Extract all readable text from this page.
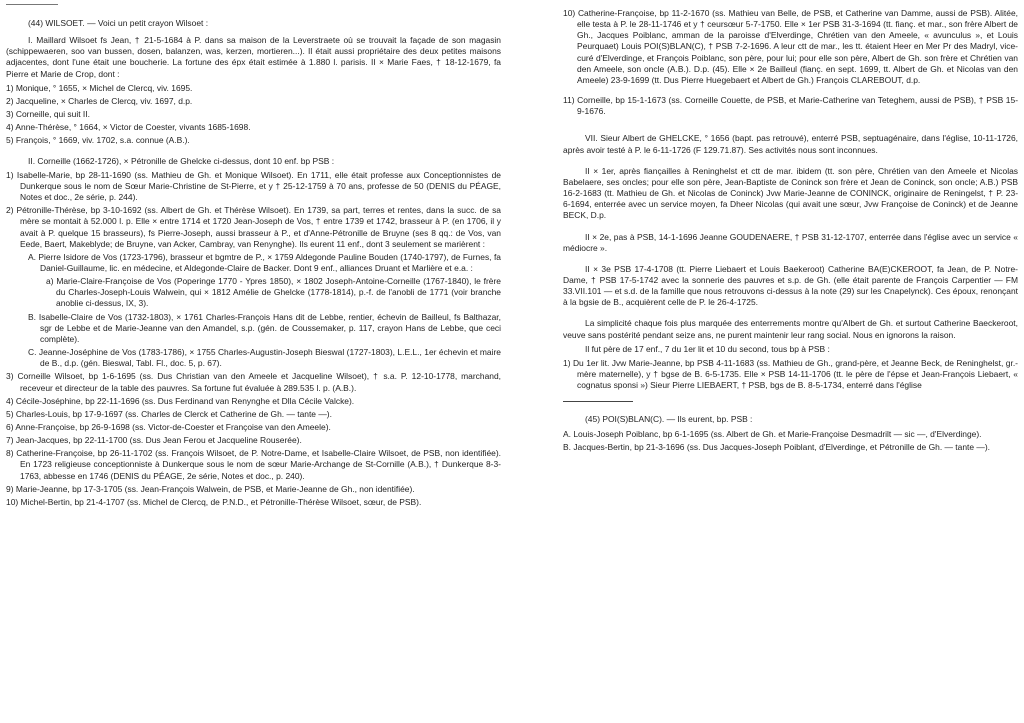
(44) WILSOET. — Voici un petit crayon Wilsoet :

I. Maillard Wilsoet fs Jean, † 21-5-1684 à P. dans sa maison de la Leverstraete où se trouvait la façade de son magasin (schippewaeren, soo van bussen, dosen, balanzen, was, kerzen, mortieren...). Il était aussi propriétaire des deux petites maisons adjacentes, dont l'une était une boucherie. La fortune des épx était estimée à 1.880 l. parisis. II × Marie Faes, † 18-12-1679, fa Pierre et Marie de Crop, dont :

1) Monique, ° 1655, × Michel de Clercq, viv. 1695.

2) Jacqueline, × Charles de Clercq, viv. 1697, d.p.

3) Corneille, qui suit II.

4) Anne-Thérèse, ° 1664, × Victor de Coester, vivants 1685-1698.

5) François, ° 1669, viv. 1702, s.a. connue (A.B.).

II. Corneille (1662-1726), × Pétronille de Ghelcke ci-dessus, dont 10 enf. bp PSB :

1) Isabelle-Marie, bp 28-11-1690 (ss. Mathieu de Gh. et Monique Wilsoet). En 1711, elle était professe aux Conceptionnistes de Dunkerque sous le nom de Sœur Marie-Christine de St-Pierre, et y † 25-12-1759 à 70 ans, professe de 50 (DENIS du PÉAGE, Notes et doc., 2e série, p. 244).

2) Pétronille-Thérèse, bp 3-10-1692 (ss. Albert de Gh. et Thérèse Wilsoet). En 1739, sa part, terres et rentes, dans la succ. de sa mère se montait à 52.000 l. p. Elle × entre 1714 et 1720 Jean-Joseph de Vos, † entre 1739 et 1742, brasseur à P. (en 1706, il y avait à P. quelque 15 brasseurs), fs Pierre-Joseph, aussi brasseur à P., et d'Anne-Pétronille de Bruyne (ses 8 qq.: de Vos, van Eede, Baert, Makeblyde; de Bruyne, van Acker, Cambray, van Renynghe). Ils eurent 11 enf., dont 3 seulement se marièrent :

A. Pierre Isidore de Vos (1723-1796), brasseur et bgmtre de P., × 1759 Aldegonde Pauline Bouden (1740-1797), de Furnes, fa Daniel-Guillaume, lic. en médecine, et Aldegonde-Claire de Backer. Dont 9 enf., alliances Druant et Marlière et e.a. :

a) Marie-Claire-Françoise de Vos (Poperinge 1770 - Ypres 1850), × 1802 Joseph-Antoine-Corneille (1767-1840), le frère du Charles-Joseph-Louis Walwein, qui × 1812 Amélie de Ghelcke (1778-1814), p.-f. de l'anobli de 1771 (voir branche anoblie ci-dessus, IX, 3).

B. Isabelle-Claire de Vos (1732-1803), × 1761 Charles-François Hans dit de Lebbe, rentier, échevin de Bailleul, fs Balthazar, sgr de Lebbe et de Marie-Jeanne van den Amandel, s.p. (gén. de Coussemaker, p. 117, crayon Hans de Lebbe, que ceci complète).

C. Jeanne-Joséphine de Vos (1783-1786), × 1755 Charles-Augustin-Joseph Bieswal (1727-1803), L.E.L., 1er échevin et maire de B., d.p. (gén. Bieswal, Tabl. Fl., doc. 5, p. 67).

3) Corneille Wilsoet, bp 1-6-1695 (ss. Dus Christian van den Ameele et Jacqueline Wilsoet), † s.a. P. 12-10-1778, marchand, receveur et directeur de la table des pauvres. Sa fortune fut évaluée à 289.535 l. p. (A.B.).

4) Cécile-Joséphine, bp 22-11-1696 (ss. Dus Ferdinand van Renynghe et Dlla Cécile Valcke).

5) Charles-Louis, bp 17-9-1697 (ss. Charles de Clerck et Catherine de Gh. — tante —).

6) Anne-Françoise, bp 26-9-1698 (ss. Victor-de-Coester et Françoise van den Ameele).

7) Jean-Jacques, bp 22-11-1700 (ss. Dus Jean Ferou et Jacqueline Rouserée).

8) Catherine-Françoise, bp 26-11-1702 (ss. François Wilsoet, de P. Notre-Dame, et Isabelle-Claire Wilsoet, de PSB, non identifiée). En 1723 religieuse conceptionniste à Dunkerque sous le nom de sœur Marie-Archange de St-Cornille (A.B.), † Dunkerque 8-3-1763, abbesse en 1746 (DENIS du PÉAGE, 2e série, Notes et doc., p. 240).

9) Marie-Jeanne, bp 17-3-1705 (ss. Jean-François Walwein, de PSB, et Marie-Jeanne de Gh., non identifiée).

10) Michel-Bertin, bp 21-4-1707 (ss. Michel de Clercq, de P.N.D., et Pétronille-Thérèse Wilsoet, sœur, de PSB).

10) Catherine-Françoise, bp 11-2-1670 (ss. Mathieu van Belle, de PSB, et Catherine van Damme, aussi de PSB). Alitée, elle testa à P. le 28-11-1746 et y † ceursœur 5-7-1750. Elle × 1er PSB 31-3-1694 (tt. fianç. et mar., son frère Albert de Gh., Jacques Poiblanc, amman de la paroisse d'Elverdinge, Chrétien van den Ameele, « avunculus », et Louis Peurquaet) Louis POI(S)BLAN(C), † PSB 7-2-1696. A leur ctt de mar., les tt. étaient Heer en Mer Pr des Madryl, vice-curé d'Elverdinge, et François Poiblanc, son père, pour lui; pour elle son père, Albert de Gh. son frère et Chrétien van den Ameele, son oncle (A.B.). D.p. (45). Elle × 2e Bailleul (fianç. en sept. 1699, tt. Albert de Gh. et Nicolas van den Ameele) 23-9-1699 (tt. Dus Pierre Huegebaert et Albert de Gh.) François CLAREBOUT, d.p.

11) Corneille, bp 15-1-1673 (ss. Corneille Couette, de PSB, et Marie-Catherine van Teteghem, aussi de PSB), † PSB 15-9-1676.

VII. Sieur Albert de GHELCKE, ° 1656 (bapt. pas retrouvé), enterré PSB, septuagénaire, dans l'église, 10-11-1726, après avoir testé à P. le 6-11-1726 (F 129.71.87). Ses activités nous sont inconnues.

II × 1er, après fiançailles à Reninghelst et ctt de mar. ibidem (tt. son père, Chrétien van den Ameele et Nicolas Babelaere, ses oncles; pour elle son père, Jean-Baptiste de Coninck son frère et Jean de Coninck, son oncle; A.B.) PSB 16-2-1683 (tt. Mathieu de Gh. et Nicolas de Coninck) Jvw Marie-Jeanne de CONINCK, originaire de Reningelst, † P. 23-6-1694, enterrée avec un service moyen, fa Dheer Nicolas (qui avait une sœur, Jvw Françoise de Coninck) et de Jeanne BECK, D.p.

II × 2e, pas à PSB, 14-1-1696 Jeanne GOUDENAERE, † PSB 31-12-1707, enterrée dans l'église avec un service « médiocre ».

II × 3e PSB 17-4-1708 (tt. Pierre Liebaert et Louis Baekeroot) Catherine BA(E)CKEROOT, fa Jean, de P. Notre-Dame, † PSB 17-5-1742 avec la sonnerie des pauvres et s.p. de Gh. (elle était parente de François Carpentier — FM 33.VII.101 — et s.d. de la famille que nous retrouvons ci-dessus à la note (29) sur les Cnapelynck). Ces époux, renonçant à la bgsie de B., acquièrent celle de P. le 26-4-1725.

La simplicité chaque fois plus marquée des enterrements montre qu'Albert de Gh. et surtout Catherine Baeckeroot, veuve sans postérité pendant seize ans, ne purent maintenir leur rang social. Nous en ignorons la raison.

Il fut père de 17 enf., 7 du 1er lit et 10 du second, tous bp à PSB :

1) Du 1er lit. Jvw Marie-Jeanne, bp PSB 4-11-1683 (ss. Mathieu de Gh., grand-père, et Jeanne Beck, de Reninghelst, gr.-mère maternelle), y † bgse de B. 6-5-1735. Elle × PSB 14-11-1706 (tt. le père de l'épse et Jean-François Liebaert, « cognatus sponsi ») Sieur Pierre LIEBAERT, † PSB, bgs de B. 8-5-1734, enterré dans l'église

(45) POI(S)BLAN(C). — Ils eurent, bp. PSB :

A. Louis-Joseph Poiblanc, bp 6-1-1695 (ss. Albert de Gh. et Marie-Françoise Desmadrilt — sic —, d'Elverdinge).

B. Jacques-Bertin, bp 21-3-1696 (ss. Dus Jacques-Joseph Poiblant, d'Elverdinge, et Pétronille de Gh. — tante —).
